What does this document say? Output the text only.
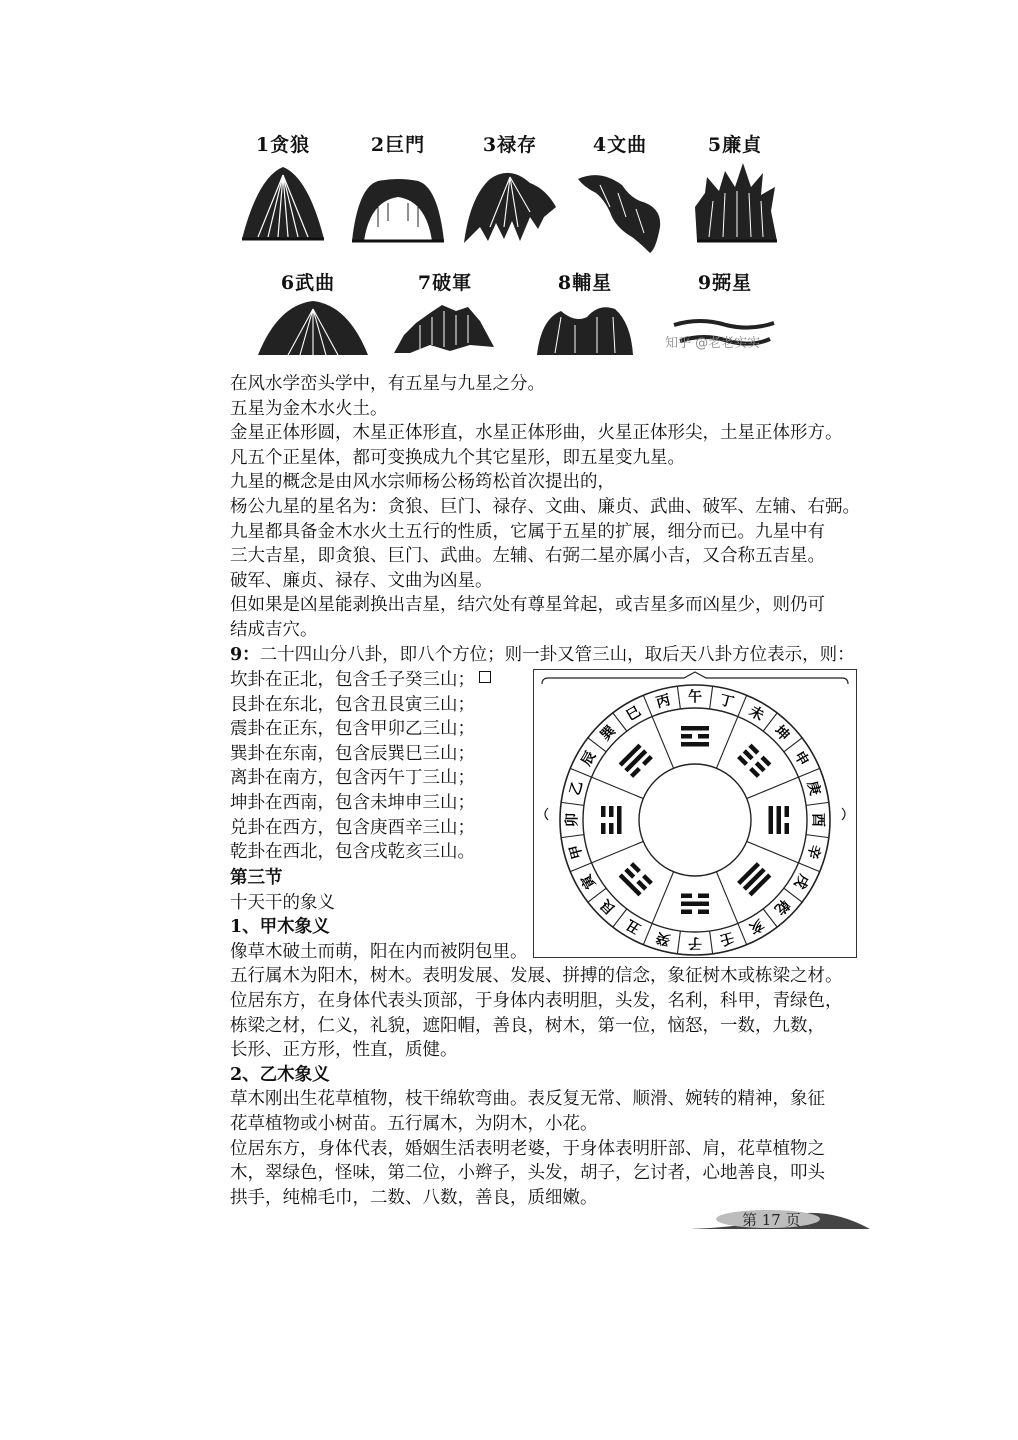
1贪狼	2巨門	3禄存	4文曲	5廉貞
6武曲	7破軍	8輔星	9弼星
知乎 @老老实实

在风水学峦头学中，有五星与九星之分。

五星为金木水火土。

金星正体形圆，木星正体形直，水星正体形曲，火星正体形尖，土星正体形方。

凡五个正星体，都可变换成九个其它星形，即五星变九星。

九星的概念是由风水宗师杨公杨筠松首次提出的，

杨公九星的星名为：贪狼、巨门、禄存、文曲、廉贞、武曲、破军、左辅、右弼。

九星都具备金木水火土五行的性质，它属于五星的扩展，细分而已。九星中有

三大吉星，即贪狼、巨门、武曲。左辅、右弼二星亦属小吉，又合称五吉星。

破军、廉贞、禄存、文曲为凶星。

但如果是凶星能剥换出吉星，结穴处有尊星耸起，或吉星多而凶星少，则仍可

结成吉穴。

9：二十四山分八卦，即八个方位；则一卦又管三山，取后天八卦方位表示，则：

坎卦在正北，包含壬子癸三山；

艮卦在东北，包含丑艮寅三山；

震卦在正东，包含甲卯乙三山；

巽卦在东南，包含辰巽巳三山；

离卦在南方，包含丙午丁三山；

坤卦在西南，包含未坤申三山；

兑卦在西方，包含庚酉辛三山；

乾卦在西北，包含戌乾亥三山。

午 丁
未
坤
申
庚
酉
辛
戌
乾
亥
壬
子
癸
丑
艮
寅
甲
卯
乙
辰
巽
巳
丙

第三节

十天干的象义

1、甲木象义

像草木破土而萌，阳在内而被阴包里。

五行属木为阳木，树木。表明发展、发展、拼搏的信念，象征树木或栋梁之材。

位居东方，在身体代表头顶部，于身体内表明胆，头发，名利，科甲，青绿色，

栋梁之材，仁义，礼貌，遮阳帽，善良，树木，第一位，恼怒，一数，九数，

长形、正方形，性直，质健。

2、乙木象义

草木刚出生花草植物，枝干绵软弯曲。表反复无常、顺滑、婉转的精神，象征

花草植物或小树苗。五行属木，为阴木，小花。

位居东方，身体代表，婚姻生活表明老婆，于身体表明肝部、肩，花草植物之

木，翠绿色，怪味，第二位，小辫子，头发，胡子，乞讨者，心地善良，叩头

拱手，纯棉毛巾，二数、八数，善良，质细嫩。

第 17 页
